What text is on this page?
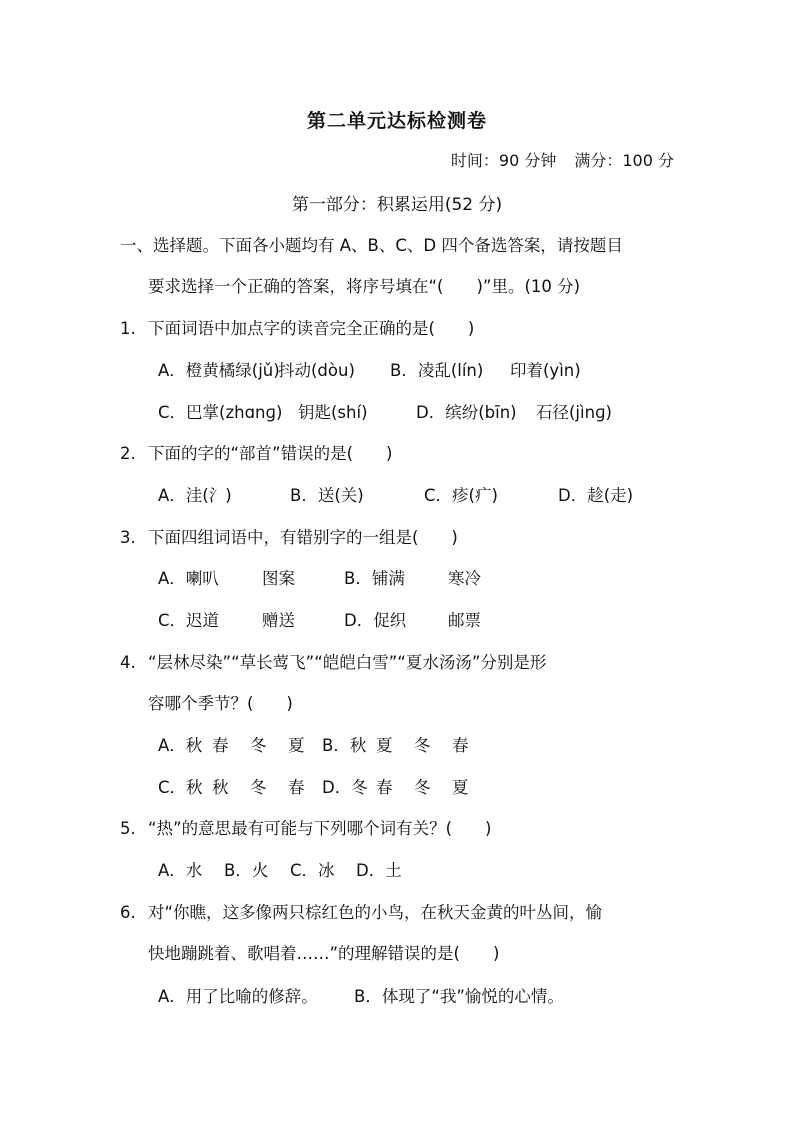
第二单元达标检测卷
时间：90 分钟 满分：100 分
第一部分：积累运用(52 分)
一、选择题。下面各小题均有 A、B、C、D 四个备选答案，请按题目
要求选择一个正确的答案，将序号填在“(　　)”里。(10 分)
1. 下面词语中加点字的读音完全正确的是(　　)
A．橙黄橘绿(jǔ)抖动(dòu) B．凌乱(lín) 印着(yìn)
C．巴掌(zhɑnɡ) 钥匙(shí)	D．缤纷(bīn) 石径(jìnɡ)
2. 下面的字的“部首”错误的是(　　)
A．洼(氵)	B．送(关)	C．疹(疒)	D．趁(走)
3. 下面四组词语中，有错别字的一组是(　　)
A．喇叭	图案	B．铺满	寒冷
C．迟道	赠送	D．促织	邮票
4. “层林尽染”“草长莺飞”“皑皑白雪”“夏水汤汤”分别是形
容哪个季节？(　　)
A．秋 春 冬 夏 B．秋 夏 冬 春
C．秋 秋 冬 春 D．冬 春 冬 夏
5. “热”的意思最有可能与下列哪个词有关？(　　)
A．水 B．火 C．冰 D．土
6. 对“你瞧，这多像两只棕红色的小鸟，在秋天金黄的叶丛间，愉
快地蹦跳着、歌唱着……”的理解错误的是(　　)
A．用了比喻的修辞。 B．体现了“我”愉悦的心情。
